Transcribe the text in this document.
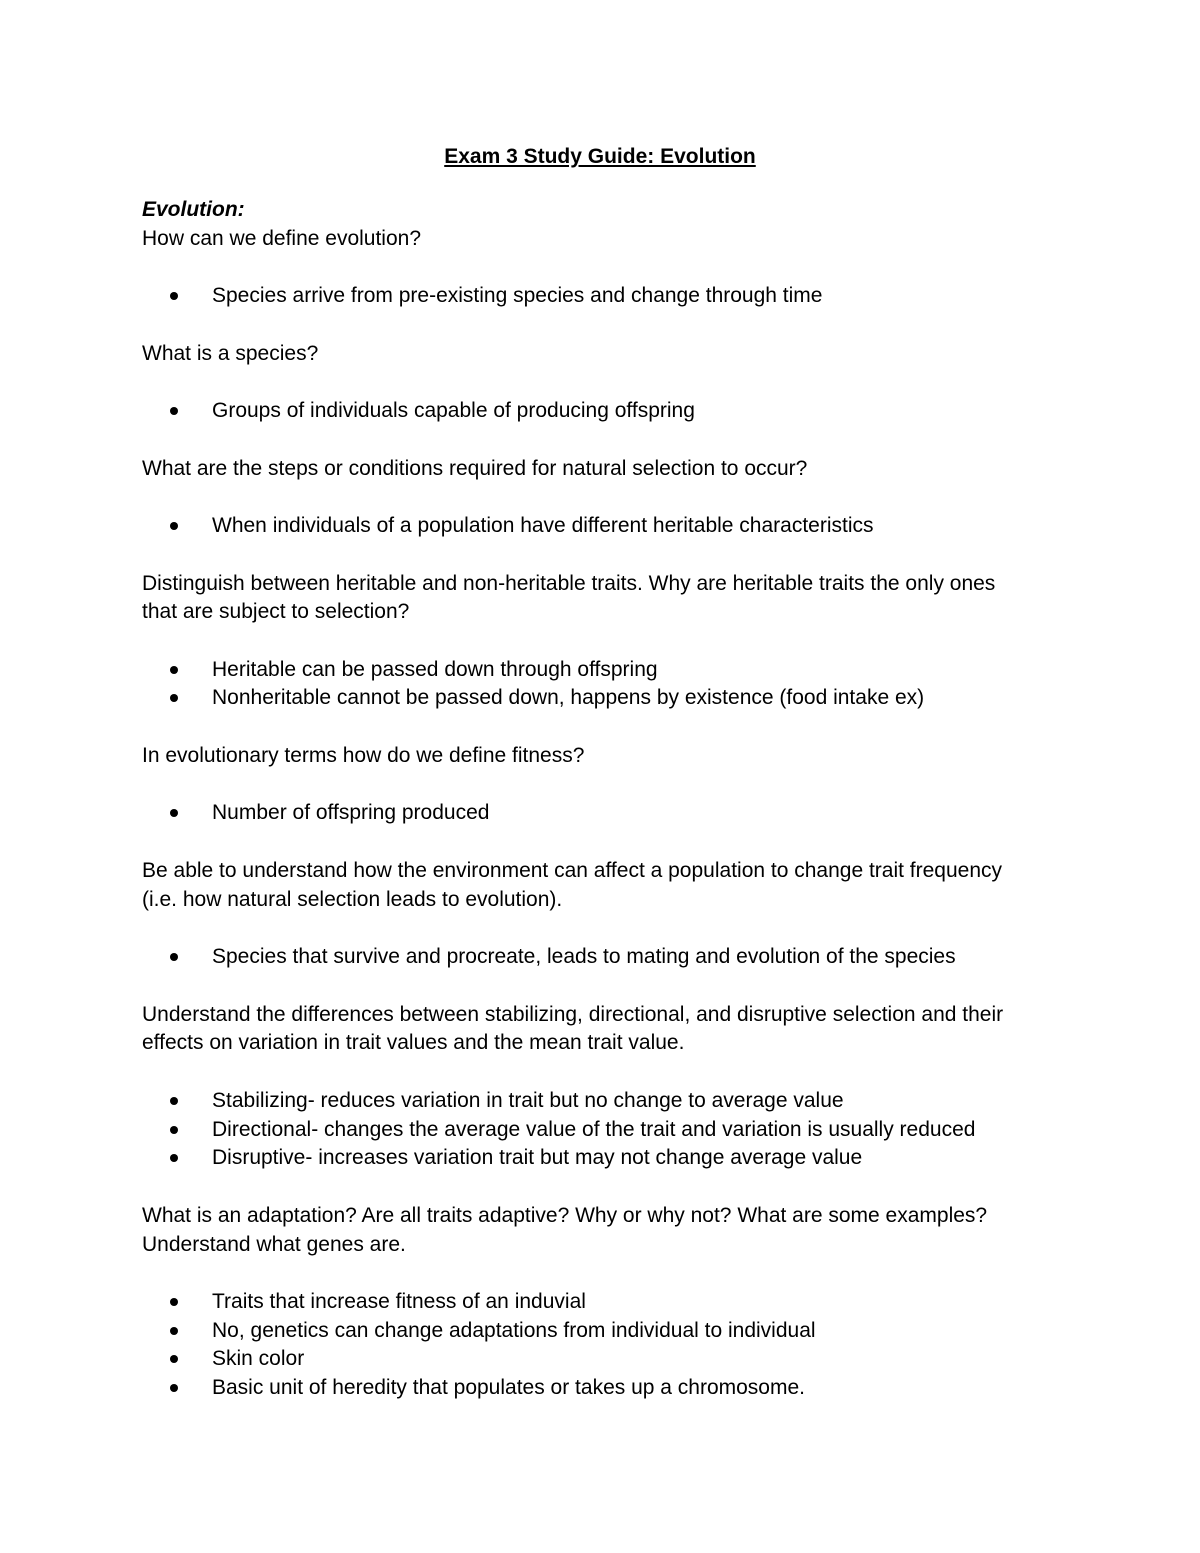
Exam 3 Study Guide: Evolution
Evolution:
How can we define evolution?
Species arrive from pre-existing species and change through time
What is a species?
Groups of individuals capable of producing offspring
What are the steps or conditions required for natural selection to occur?
When individuals of a population have different heritable characteristics
Distinguish between heritable and non-heritable traits. Why are heritable traits the only ones
that are subject to selection?
Heritable can be passed down through offspring
Nonheritable cannot be passed down, happens by existence (food intake ex)
In evolutionary terms how do we define fitness?
Number of offspring produced
Be able to understand how the environment can affect a population to change trait frequency
(i.e. how natural selection leads to evolution).
Species that survive and procreate, leads to mating and evolution of the species
Understand the differences between stabilizing, directional, and disruptive selection and their
effects on variation in trait values and the mean trait value.
Stabilizing- reduces variation in trait but no change to average value
Directional- changes the average value of the trait and variation is usually reduced
Disruptive- increases variation trait but may not change average value
What is an adaptation? Are all traits adaptive? Why or why not? What are some examples?
Understand what genes are.
Traits that increase fitness of an induvial
No, genetics can change adaptations from individual to individual
Skin color
Basic unit of heredity that populates or takes up a chromosome.
